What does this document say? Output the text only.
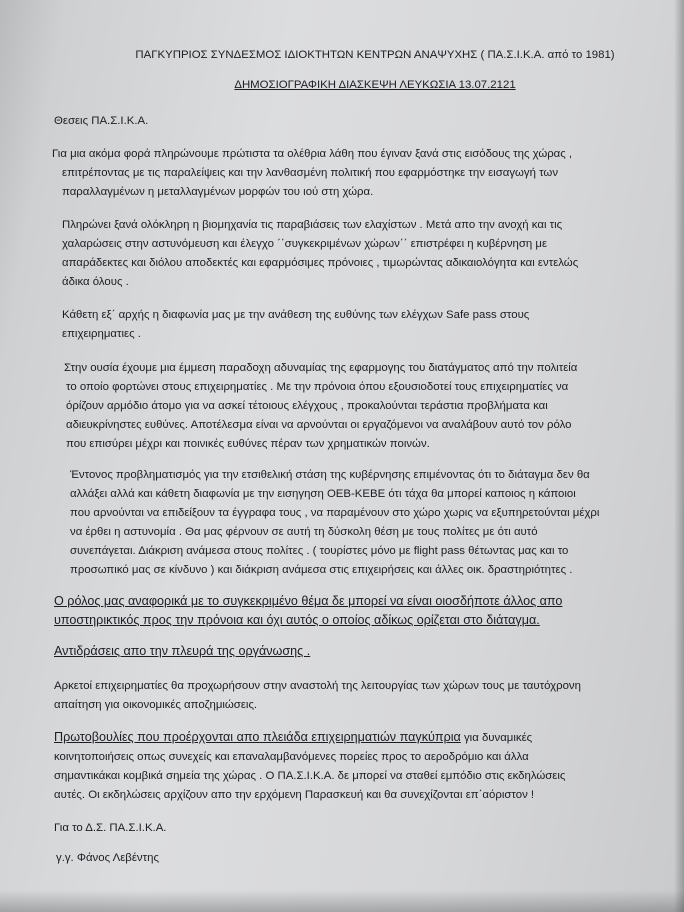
ΠΑΓΚΥΠΡΙΟΣ ΣΥΝΔΕΣΜΟΣ ΙΔΙΟΚΤΗΤΩΝ ΚΕΝΤΡΩΝ ΑΝΑΨΥΧΗΣ ( ΠΑ.Σ.Ι.Κ.Α. από το 1981)
ΔΗΜΟΣΙΟΓΡΑΦΙΚΗ ΔΙΑΣΚΕΨΗ ΛΕΥΚΩΣΙΑ 13.07.2121
Θεσεις ΠΑ.Σ.Ι.Κ.Α.
Για μια ακόμα φορά πληρώνουμε πρώτιστα τα ολέθρια λάθη που έγιναν ξανά στις εισόδους της χώρας ,
επιτρέποντας με τις παραλείψεις και την λανθασμένη πολιτική που εφαρμόστηκε την εισαγωγή των
παραλλαγμένων η μεταλλαγμένων μορφών του ιού στη χώρα.
Πληρώνει ξανά ολόκληρη η βιομηχανία τις παραβιάσεις των ελαχίστων . Μετά απο την ανοχή και τις
χαλαρώσεις στην αστυνόμευση και έλεγχο ΄΄συγκεκριμένων χώρων΄΄ επιστρέφει η κυβέρνηση με
απαράδεκτες και διόλου αποδεκτές και εφαρμόσιμες πρόνοιες , τιμωρώντας αδικαιολόγητα και εντελώς
άδικα όλους .
Κάθετη εξ΄ αρχής η διαφωνία μας με την ανάθεση της ευθύνης των ελέγχων Safe pass στους
επιχειρηματιες .
Στην ουσία έχουμε μια έμμεση παραδοχη αδυναμίας της εφαρμογης του διατάγματος από την πολιτεία
το οποίο φορτώνει στους επιχειρηματίες . Με την πρόνοια όπου εξουσιοδοτεί τους επιχειρηματίες να
όρίζουν αρμόδιο άτομο για να ασκεί τέτοιους ελέγχους , προκαλούνται τεράστια προβλήματα και
αδιευκρίνηστες ευθύνες. Αποτέλεσμα είναι να αρνούνται οι εργαζόμενοι να αναλάβουν αυτό τον ρόλο
που επισύρει μέχρι και ποινικές ευθύνες πέραν των χρηματικών ποινών.
Έντονος προβληματισμός για την ετσιθελική στάση της κυβέρνησης επιμένοντας ότι το διάταγμα δεν θα
αλλάξει αλλά και κάθετη διαφωνία με την εισηγηση ΟΕΒ-ΚΕΒΕ ότι τάχα θα μπορεί καποιος η κάποιοι
που αρνούνται να επιδείξουν τα έγγραφα τους , να παραμένουν στο χώρο χωρις να εξυπηρετούνται μέχρι
να έρθει η αστυνομία . Θα μας φέρνουν σε αυτή τη δύσκολη θέση με τους πολίτες με ότι αυτό
συνεπάγεται. Διάκριση ανάμεσα στους πολίτες . ( τουρίστες μόνο με flight pass θέτωντας μας και το
προσωπικό μας σε κίνδυνο ) και διάκριση ανάμεσα στις επιχειρήσεις και άλλες οικ. δραστηριότητες .
Ο ρόλος μας αναφορικά με το συγκεκριμένο θέμα δε μπορεί να είναι οιοσδήποτε άλλος απο
υποστηρικτικός προς την πρόνοια και όχι αυτός ο οποίος αδίκως ορίζεται στο διάταγμα.
Αντιδράσεις απο την πλευρά της οργάνωσης .
Αρκετοί επιχειρηματίες θα προχωρήσουν στην αναστολή της λειτουργίας των χώρων τους με ταυτόχρονη
απαίτηση για οικονομικές αποζημιώσεις.
Πρωτοβουλίες που προέρχονται απο πλειάδα επιχειρηματιών παγκύπρια για δυναμικές
κοινητοποιήσεις οπως συνεχείς και επαναλαμβανόμενες πορείες προς το αεροδρόμιο και άλλα
σημαντικάκαι κομβικά σημεία της χώρας . Ο ΠΑ.Σ.Ι.Κ.Α. δε μπορεί να σταθεί εμπόδιο στις εκδηλώσεις
αυτές. Οι εκδηλώσεις αρχίζουν απο την ερχόμενη Παρασκευή και θα συνεχίζονται επ΄αόριστον !
Για το Δ.Σ. ΠΑ.Σ.Ι.Κ.Α.
γ.γ. Φάνος Λεβέντης
